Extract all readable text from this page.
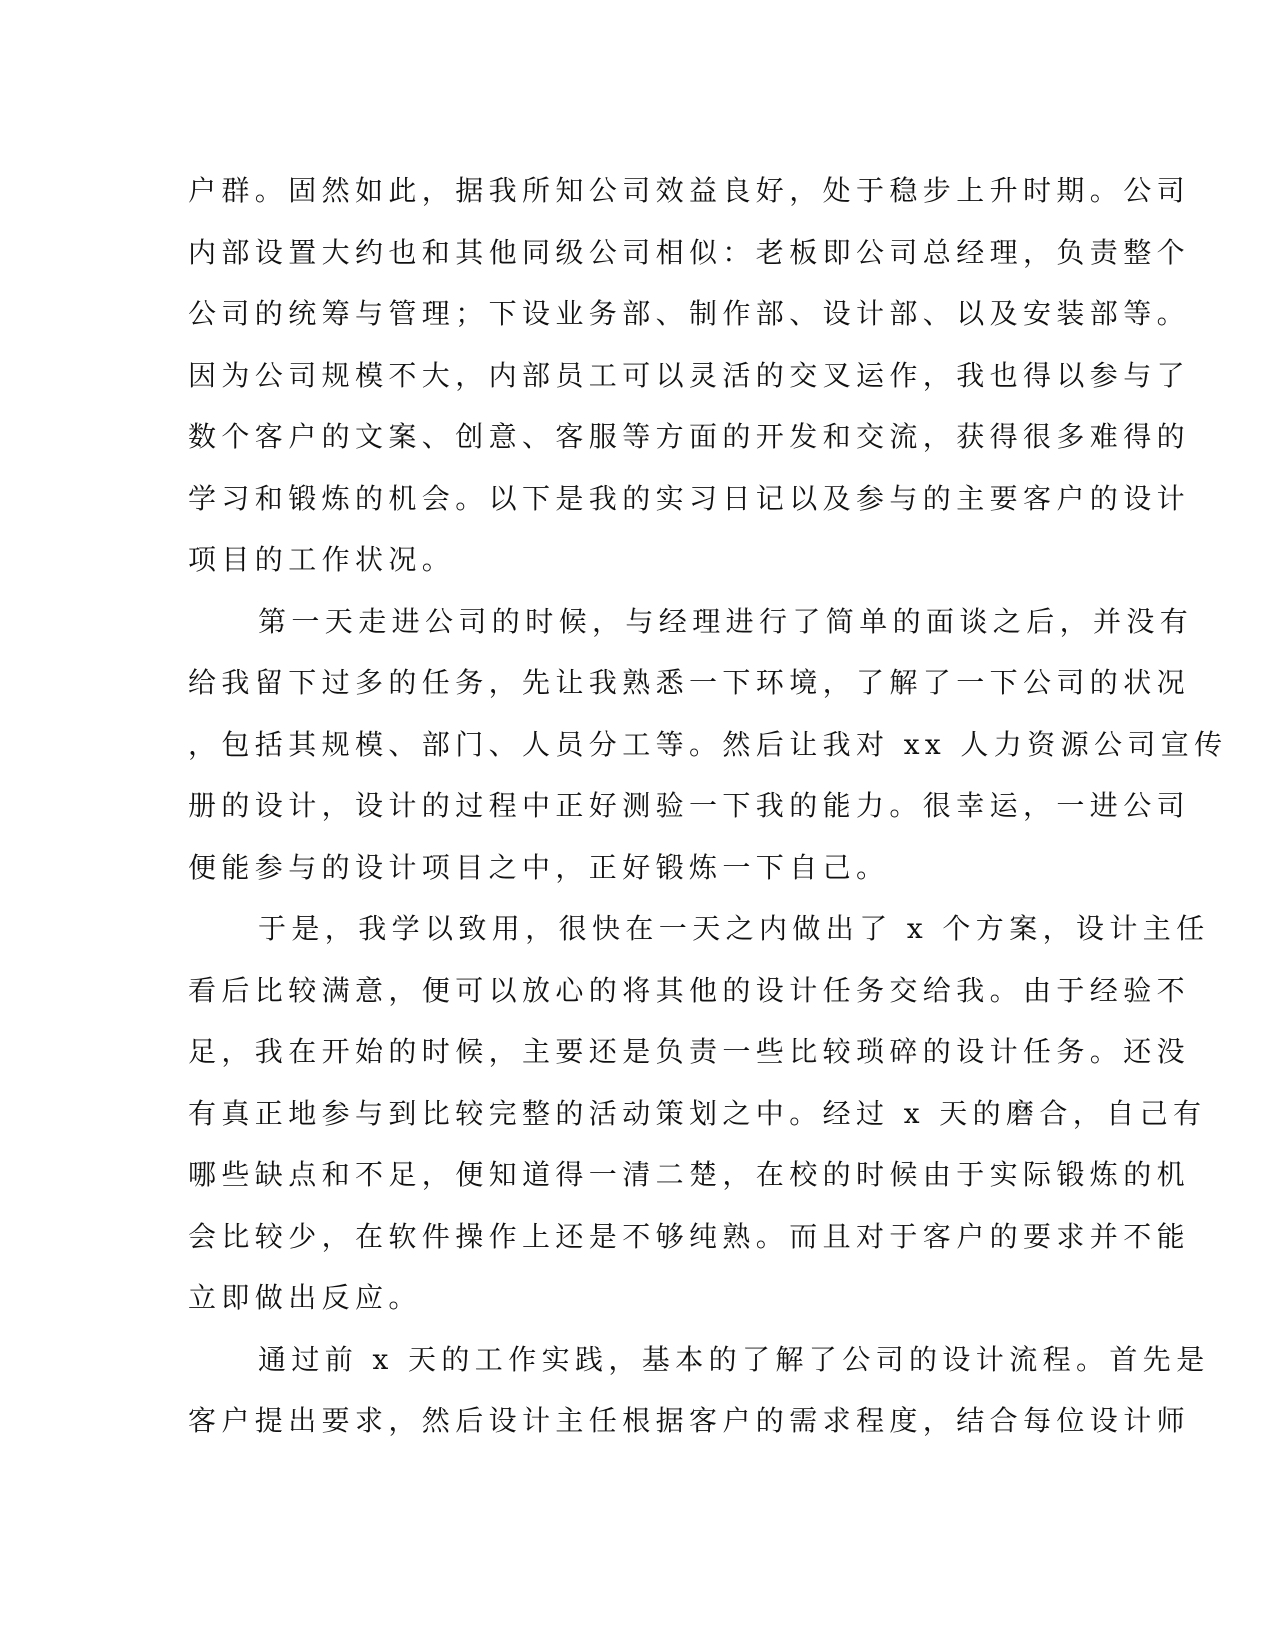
户群。固然如此，据我所知公司效益良好，处于稳步上升时期。公司
内部设置大约也和其他同级公司相似：老板即公司总经理，负责整个
公司的统筹与管理；下设业务部、制作部、设计部、以及安装部等。
因为公司规模不大，内部员工可以灵活的交叉运作，我也得以参与了
数个客户的文案、创意、客服等方面的开发和交流，获得很多难得的
学习和锻炼的机会。以下是我的实习日记以及参与的主要客户的设计
项目的工作状况。
第一天走进公司的时候，与经理进行了简单的面谈之后，并没有
给我留下过多的任务，先让我熟悉一下环境，了解了一下公司的状况
，包括其规模、部门、人员分工等。然后让我对 xx 人力资源公司宣传
册的设计，设计的过程中正好测验一下我的能力。很幸运，一进公司
便能参与的设计项目之中，正好锻炼一下自己。
于是，我学以致用，很快在一天之内做出了 x 个方案，设计主任
看后比较满意，便可以放心的将其他的设计任务交给我。由于经验不
足，我在开始的时候，主要还是负责一些比较琐碎的设计任务。还没
有真正地参与到比较完整的活动策划之中。经过 x 天的磨合，自己有
哪些缺点和不足，便知道得一清二楚，在校的时候由于实际锻炼的机
会比较少，在软件操作上还是不够纯熟。而且对于客户的要求并不能
立即做出反应。
通过前 x 天的工作实践，基本的了解了公司的设计流程。首先是
客户提出要求，然后设计主任根据客户的需求程度，结合每位设计师
